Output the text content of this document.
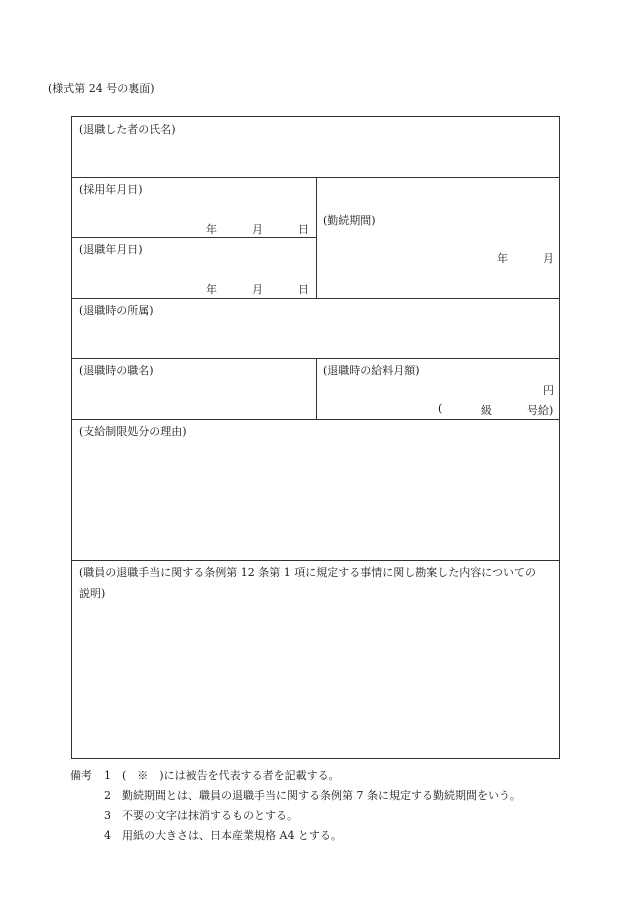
(様式第 24 号の裏面)
(退職した者の氏名)
(採用年月日)
年	月	日
(退職年月日)
年	月	日
(勤続期間)
年	月
(退職時の所属)
(退職時の職名)	(退職時の給料月額)
円
(	級	号給)
(支給制限処分の理由)
(職員の退職手当に関する条例第 12 条第 1 項に規定する事情に関し勘案した内容についての
説明)
備考 1 (　※　)には被告を代表する者を記載する。
2 勤続期間とは、職員の退職手当に関する条例第 7 条に規定する勤続期間をいう。
3 不要の文字は抹消するものとする。
4 用紙の大きさは、日本産業規格 A4 とする。
